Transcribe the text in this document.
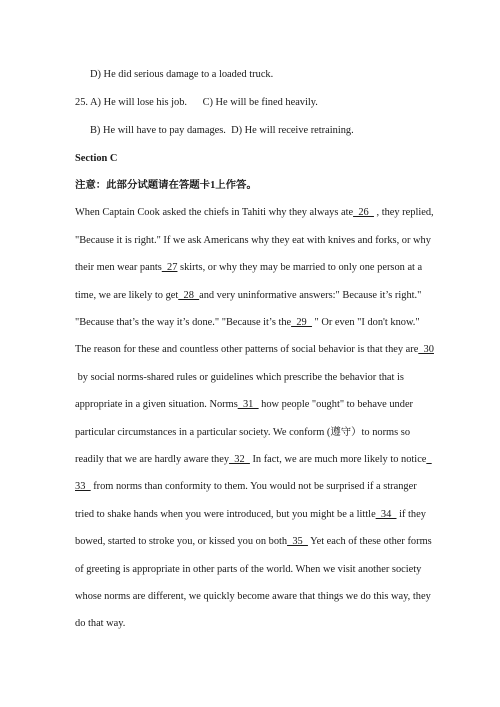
D) He did serious damage to a loaded truck.
25. A) He will lose his job.      C) He will be fined heavily.
B) He will have to pay damages.  D) He will receive retraining.
Section C
注意：此部分试题请在答题卡1上作答。
When Captain Cook asked the chiefs in Tahiti why they always ate_26_ , they replied,
"Because it is right." If we ask Americans why they eat with knives and forks, or why
their men wear pants_27 skirts, or why they may be married to only one person at a
time, we are likely to get_28_and very uninformative answers:" Because it’s right."
"Because that’s the way it’s done." "Because it’s the_29_ " Or even "I don't know."
The reason for these and countless other patterns of social behavior is that they are_30
by social norms-shared rules or guidelines which prescribe the behavior that is
appropriate in a given situation. Norms_31_ how people "ought" to behave under
particular circumstances in a particular society. We conform (遵守）to norms so
readily that we are hardly aware they_32_ In fact, we are much more likely to notice_
33_ from norms than conformity to them. You would not be surprised if a stranger
tried to shake hands when you were introduced, but you might be a little_34_ if they
bowed, started to stroke you, or kissed you on both_35_ Yet each of these other forms
of greeting is appropriate in other parts of the world. When we visit another society
whose norms are different, we quickly become aware that things we do this way, they
do that way.
